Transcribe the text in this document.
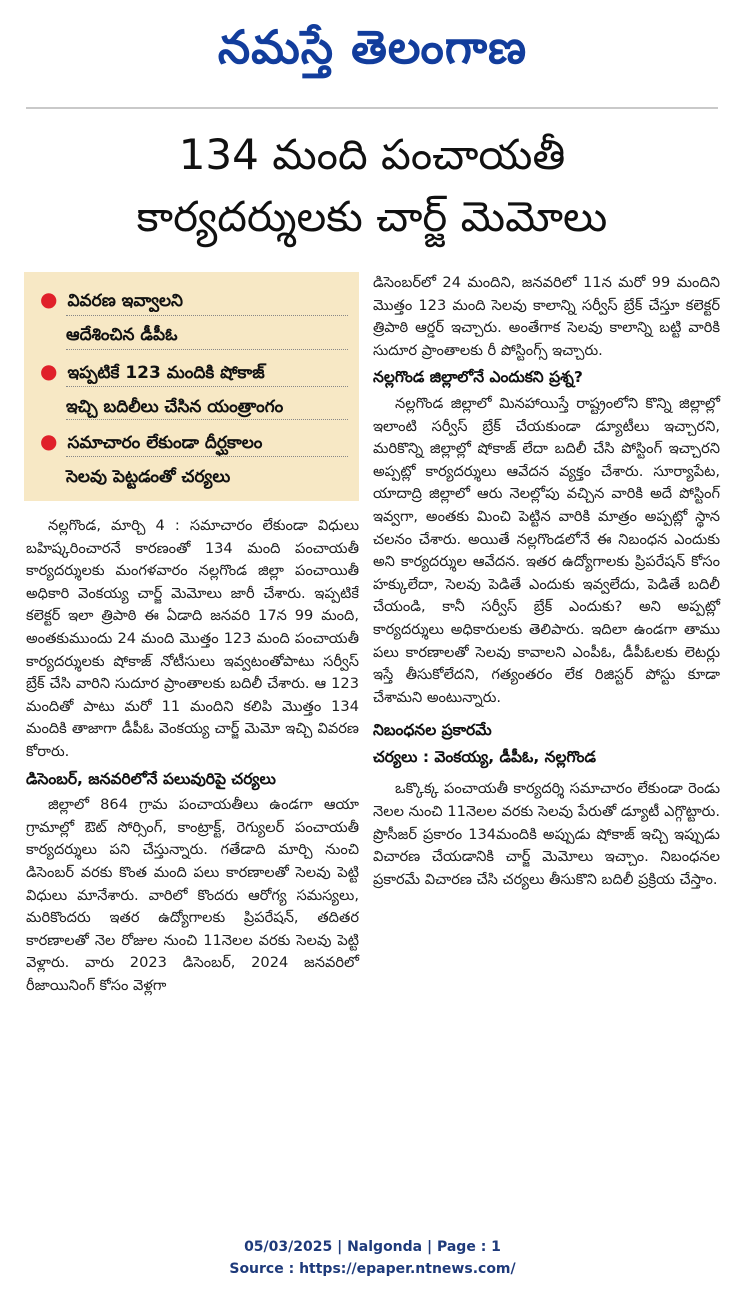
నమస్తే తెలంగాణ
134 మంది పంచాయతీ
కార్యదర్శులకు చార్జ్‌ మెమోలు
● వివరణ ఇవ్వాలని
ఆదేశించిన డీపీఓ
● ఇప్పటికే 123 మందికి షోకాజ్‌
ఇచ్చి బదిలీలు చేసిన యంత్రాంగం
● సమాచారం లేకుండా దీర్ఘకాలం
సెలవు పెట్టడంతో చర్యలు

నల్లగొండ, మార్చి 4 : సమాచారం లేకుండా విధులు బహిష్కరించారనే కారణంతో 134 మంది పంచాయతీ కార్యదర్శులకు మంగళవారం నల్లగొండ జిల్లా పంచాయితీ అధికారి వెంకయ్య చార్జ్‌ మెమోలు జారీ చేశారు. ఇప్పటికే కలెక్టర్‌ ఇలా త్రిపాఠి ఈ ఏడాది జనవరి 17న 99 మంది, అంతకుముందు 24 మంది మొత్తం 123 మంది పంచాయతీ కార్యదర్శులకు షోకాజ్‌ నోటీసులు ఇవ్వటంతోపాటు సర్వీస్‌ బ్రేక్‌ చేసి వారిని సుదూర ప్రాంతాలకు బదిలీ చేశారు. ఆ 123 మందితో పాటు మరో 11 మందిని కలిపి మొత్తం 134 మందికి తాజాగా డీపీఓ వెంకయ్య చార్జ్‌ మెమో ఇచ్చి వివరణ కోరారు.

డిసెంబర్‌, జనవరిలోనే పలువురిపై చర్యలు

జిల్లాలో 864 గ్రామ పంచాయతీలు ఉండగా ఆయా గ్రామాల్లో ఔట్‌ సోర్సింగ్‌, కాంట్రాక్ట్‌, రెగ్యులర్‌ పంచాయతీ కార్యదర్శులు పని చేస్తున్నారు. గతేడాది మార్చి నుంచి డిసెంబర్‌ వరకు కొంత మంది పలు కారణాలతో సెలవు పెట్టి విధులు మానేశారు. వారిలో కొందరు ఆరోగ్య సమస్యలు, మరికొందరు ఇతర ఉద్యోగాలకు ప్రిపరేషన్‌, తదితర కారణాలతో నెల రోజుల నుంచి 11నెలల వరకు సెలవు పెట్టి వెళ్లారు. వారు 2023 డిసెంబర్‌, 2024 జనవరిలో రీజాయినింగ్‌ కోసం వెళ్లగా

డిసెంబర్‌లో 24 మందిని, జనవరిలో 11న మరో 99 మందిని మొత్తం 123 మంది సెలవు కాలాన్ని సర్వీస్‌ బ్రేక్‌ చేస్తూ కలెక్టర్‌ త్రిపాఠి ఆర్డర్‌ ఇచ్చారు. అంతేగాక సెలవు కాలాన్ని బట్టి వారికి సుదూర ప్రాంతాలకు రీ పోస్టింగ్స్‌ ఇచ్చారు.

నల్లగొండ జిల్లాలోనే ఎందుకని ప్రశ్న?

నల్లగొండ జిల్లాలో మినహాయిస్తే రాష్ట్రంలోని కొన్ని జిల్లాల్లో ఇలాంటి సర్వీస్‌ బ్రేక్‌ చేయకుండా డ్యూటీలు ఇచ్చారని, మరికొన్ని జిల్లాల్లో షోకాజ్‌ లేదా బదిలీ చేసి పోస్టింగ్‌ ఇచ్చారని అప్పట్లో కార్యదర్శులు ఆవేదన వ్యక్తం చేశారు. సూర్యాపేట, యాదాద్రి జిల్లాలో ఆరు నెలల్లోపు వచ్చిన వారికి అదే పోస్టింగ్‌ ఇవ్వగా, అంతకు మించి పెట్టిన వారికి మాత్రం అప్పట్లో స్థాన చలనం చేశారు. అయితే నల్లగొండలోనే ఈ నిబంధన ఎందుకు అని కార్యదర్శుల ఆవేదన. ఇతర ఉద్యోగాలకు ప్రిపరేషన్‌ కోసం హక్కులేదా, సెలవు పెడితే ఎందుకు ఇవ్వలేదు, పెడితే బదిలీ చేయండి, కానీ సర్వీస్‌ బ్రేక్‌ ఎందుకు? అని అప్పట్లో కార్యదర్శులు అధికారులకు తెలిపారు. ఇదిలా ఉండగా తాము పలు కారణాలతో సెలవు కావాలని ఎంపీఓ, డీపీఓలకు లెటర్లు ఇస్తే తీసుకోలేదని, గత్యంతరం లేక రిజిస్టర్‌ పోస్టు కూడా చేశామని అంటున్నారు.

నిబంధనల ప్రకారమే
చర్యలు : వెంకయ్య, డీపీఓ, నల్లగొండ

ఒక్కొక్క పంచాయతీ కార్యదర్శి సమాచారం లేకుండా రెండు నెలల నుంచి 11నెలల వరకు సెలవు పేరుతో డ్యూటీ ఎగ్గొట్టారు. ప్రొసీజర్‌ ప్రకారం 134మందికి అప్పుడు షోకాజ్‌ ఇచ్చి ఇప్పుడు విచారణ చేయడానికి చార్జ్‌ మెమోలు ఇచ్చాం. నిబంధనల ప్రకారమే విచారణ చేసి చర్యలు తీసుకొని బదిలీ ప్రక్రియ చేస్తాం.

05/03/2025 | Nalgonda | Page : 1
Source : https://epaper.ntnews.com/
